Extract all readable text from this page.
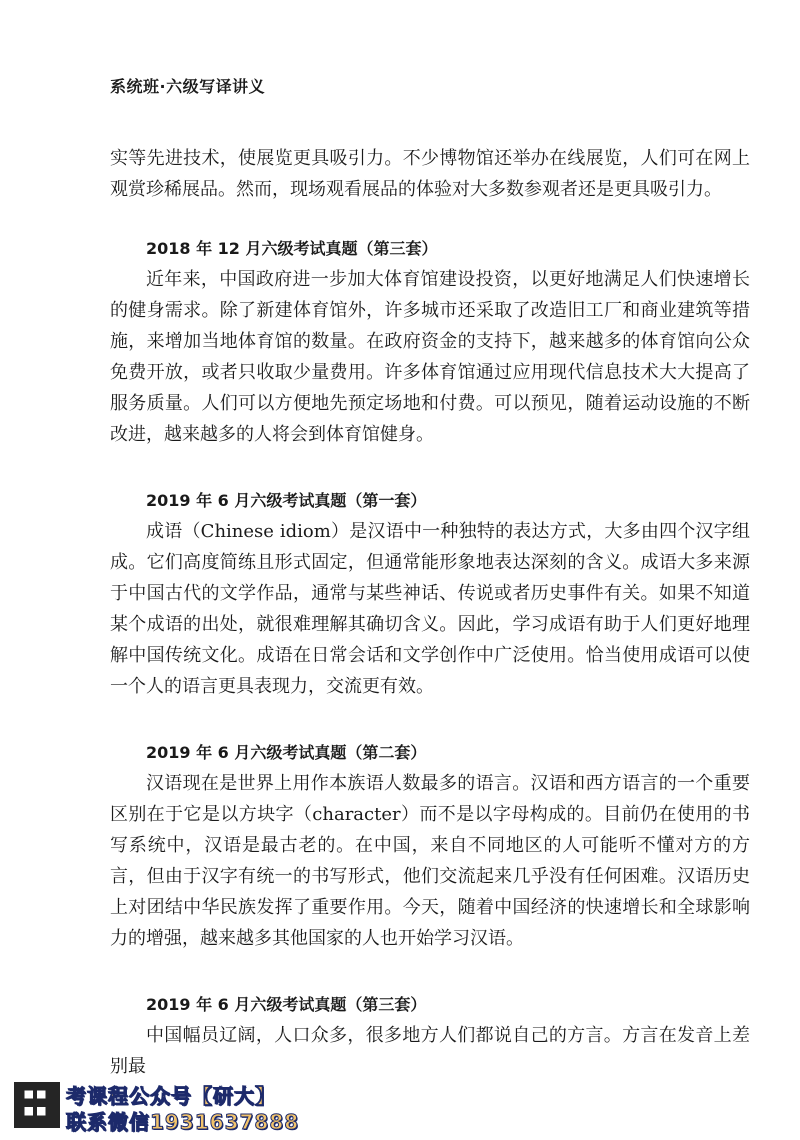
系统班·六级写译讲义

实等先进技术，使展览更具吸引力。不少博物馆还举办在线展览，人们可在网上观赏珍稀展品。然而，现场观看展品的体验对大多数参观者还是更具吸引力。

2018 年 12 月六级考试真题（第三套）

近年来，中国政府进一步加大体育馆建设投资，以更好地满足人们快速增长的健身需求。除了新建体育馆外，许多城市还采取了改造旧工厂和商业建筑等措施，来增加当地体育馆的数量。在政府资金的支持下，越来越多的体育馆向公众免费开放，或者只收取少量费用。许多体育馆通过应用现代信息技术大大提高了服务质量。人们可以方便地先预定场地和付费。可以预见，随着运动设施的不断改进，越来越多的人将会到体育馆健身。

2019 年 6 月六级考试真题（第一套）

成语（Chinese idiom）是汉语中一种独特的表达方式，大多由四个汉字组成。它们高度简练且形式固定，但通常能形象地表达深刻的含义。成语大多来源于中国古代的文学作品，通常与某些神话、传说或者历史事件有关。如果不知道某个成语的出处，就很难理解其确切含义。因此，学习成语有助于人们更好地理解中国传统文化。成语在日常会话和文学创作中广泛使用。恰当使用成语可以使一个人的语言更具表现力，交流更有效。

2019 年 6 月六级考试真题（第二套）

汉语现在是世界上用作本族语人数最多的语言。汉语和西方语言的一个重要区别在于它是以方块字（character）而不是以字母构成的。目前仍在使用的书写系统中，汉语是最古老的。在中国，来自不同地区的人可能听不懂对方的方言，但由于汉字有统一的书写形式，他们交流起来几乎没有任何困难。汉语历史上对团结中华民族发挥了重要作用。今天，随着中国经济的快速增长和全球影响力的增强，越来越多其他国家的人也开始学习汉语。

2019 年 6 月六级考试真题（第三套）

中国幅员辽阔，人口众多，很多地方人们都说自己的方言。方言在发音上差别最

考课程公众号【研大】
联系微信1931637888
